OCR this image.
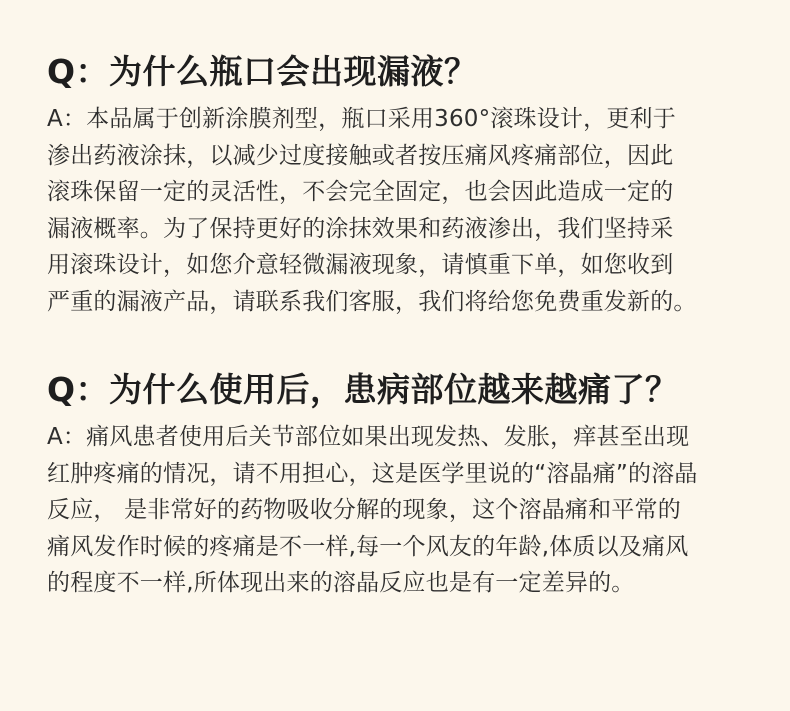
Q：为什么瓶口会出现漏液？
A：本品属于创新涂膜剂型，瓶口采用360°滚珠设计，更利于
渗出药液涂抹，以减少过度接触或者按压痛风疼痛部位，因此
滚珠保留一定的灵活性，不会完全固定，也会因此造成一定的
漏液概率。为了保持更好的涂抹效果和药液渗出，我们坚持采
用滚珠设计，如您介意轻微漏液现象，请慎重下单，如您收到
严重的漏液产品，请联系我们客服，我们将给您免费重发新的。
Q：为什么使用后，患病部位越来越痛了？
A：痛风患者使用后关节部位如果出现发热、发胀，痒甚至出现
红肿疼痛的情况，请不用担心，这是医学里说的“溶晶痛”的溶晶
反应， 是非常好的药物吸收分解的现象，这个溶晶痛和平常的
痛风发作时候的疼痛是不一样,每一个风友的年龄,体质以及痛风
的程度不一样,所体现出来的溶晶反应也是有一定差异的。
